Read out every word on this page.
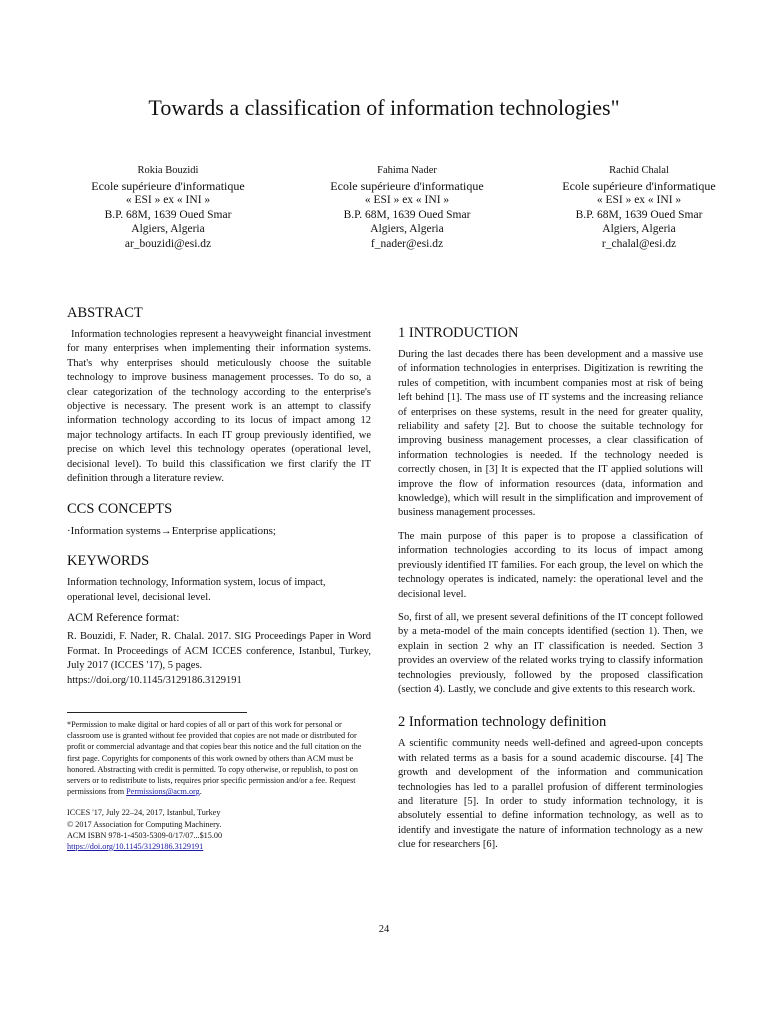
Towards a classification of information technologies"
Rokia Bouzidi
Ecole supérieure d'informatique
« ESI » ex « INI »
B.P. 68M, 1639 Oued Smar
Algiers, Algeria
ar_bouzidi@esi.dz
Fahima Nader
Ecole supérieure d'informatique
« ESI » ex « INI »
B.P. 68M, 1639 Oued Smar
Algiers, Algeria
f_nader@esi.dz
Rachid Chalal
Ecole supérieure d'informatique
« ESI » ex « INI »
B.P. 68M, 1639 Oued Smar
Algiers, Algeria
r_chalal@esi.dz
ABSTRACT

Information technologies represent a heavyweight financial investment for many enterprises when implementing their information systems. That's why enterprises should meticulously choose the suitable technology to improve business management processes. To do so, a clear categorization of the technology according to the enterprise's objective is necessary. The present work is an attempt to classify information technology according to its locus of impact among 12 major technology artifacts. In each IT group previously identified, we precise on which level this technology operates (operational level, decisional level). To build this classification we first clarify the IT definition through a literature review.

CCS CONCEPTS

·Information systems→Enterprise applications;

KEYWORDS

Information technology, Information system, locus of impact, operational level, decisional level.

ACM Reference format:

R. Bouzidi, F. Nader, R. Chalal. 2017. SIG Proceedings Paper in Word Format. In Proceedings of ACM ICCES conference, Istanbul, Turkey, July 2017 (ICCES '17), 5 pages.

https://doi.org/10.1145/3129186.3129191

*Permission to make digital or hard copies of all or part of this work for personal or classroom use is granted without fee provided that copies are not made or distributed for profit or commercial advantage and that copies bear this notice and the full citation on the first page. Copyrights for components of this work owned by others than ACM must be honored. Abstracting with credit is permitted. To copy otherwise, or republish, to post on servers or to redistribute to lists, requires prior specific permission and/or a fee. Request permissions from Permissions@acm.org.

ICCES '17, July 22–24, 2017, Istanbul, Turkey

© 2017 Association for Computing Machinery.

ACM ISBN 978-1-4503-5309-0/17/07...$15.00

https://doi.org/10.1145/3129186.3129191

1 INTRODUCTION

During the last decades there has been development and a massive use of information technologies in enterprises. Digitization is rewriting the rules of competition, with incumbent companies most at risk of being left behind [1]. The mass use of IT systems and the increasing reliance of enterprises on these systems, result in the need for greater quality, reliability and safety [2]. But to choose the suitable technology for improving business management processes, a clear classification of information technologies is needed. If the technology needed is correctly chosen, in [3] It is expected that the IT applied solutions will improve the flow of information resources (data, information and knowledge), which will result in the simplification and improvement of business management processes.

The main purpose of this paper is to propose a classification of information technologies according to its locus of impact among previously identified IT families. For each group, the level on which the technology operates is indicated, namely: the operational level and the decisional level.

So, first of all, we present several definitions of the IT concept followed by a meta-model of the main concepts identified (section 1). Then, we explain in section 2 why an IT classification is needed. Section 3 provides an overview of the related works trying to classify information technologies previously, followed by the proposed classification (section 4). Lastly, we conclude and give extents to this research work.

2 Information technology definition

A scientific community needs well-defined and agreed-upon concepts with related terms as a basis for a sound academic discourse. [4] The growth and development of the information and communication technologies has led to a parallel profusion of different terminologies and literature [5]. In order to study information technology, it is absolutely essential to define information technology, as well as to identify and investigate the nature of information technology as a new clue for researchers [6].

24
